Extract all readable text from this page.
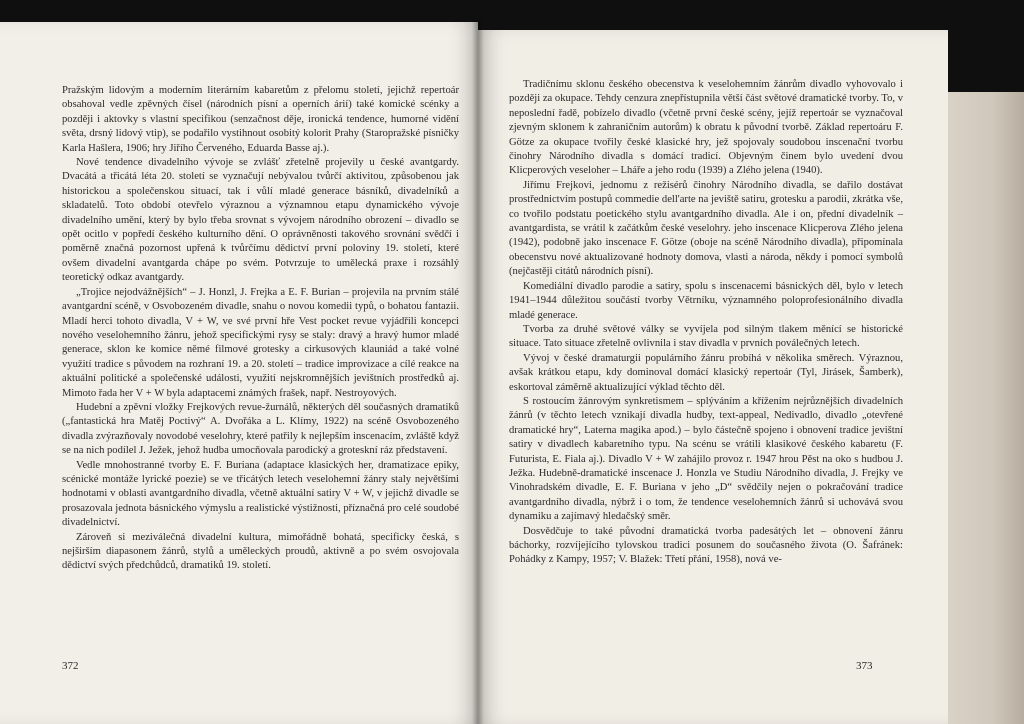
Pražským lidovým a moderním literárním kabaretům z přelomu století, jejichž repertoár obsahoval vedle zpěvných čísel (národních písní a operních árií) také komické scénky a později i aktovky s vlastní specifikou (senzačnost děje, ironická tendence, humorné vidění světa, drsný lidový vtip), se podařilo vystihnout osobitý kolorit Prahy (Staropražské písničky Karla Hašlera, 1906; hry Jiřího Červeného, Eduarda Basse aj.).

Nové tendence divadelního vývoje se zvlášť zřetelně projevily u české avantgardy. Dvacátá a třicátá léta 20. století se vyznačují nebývalou tvůrčí aktivitou, způsobenou jak historickou a společenskou situací, tak i vůlí mladé generace básníků, divadelníků a skladatelů. Toto období otevřelo výraznou a významnou etapu dynamického vývoje divadelního umění, který by bylo třeba srovnat s vývojem národního obrození – divadlo se opět ocitlo v popředí českého kulturního dění. O oprávněnosti takového srovnání svědčí i poměrně značná pozornost upřená k tvůrčímu dědictví první poloviny 19. století, které ovšem divadelní avantgarda chápe po svém. Potvrzuje to umělecká praxe i rozsáhlý teoretický odkaz avantgardy.

„Trojice nejodvážnějších“ – J. Honzl, J. Frejka a E. F. Burian – projevila na prvním stálé avantgardní scéně, v Osvobozeném divadle, snahu o novou komedii typů, o bohatou fantazii. Mladí herci tohoto divadla, V + W, ve své první hře Vest pocket revue vyjádřili koncepci nového veselohemního žánru, jehož specifickými rysy se staly: dravý a hravý humor mladé generace, sklon ke komice němé filmové grotesky a cirkusových klauniád a také volné využití tradice s původem na rozhraní 19. a 20. století – tradice improvizace a cílé reakce na aktuální politické a společenské události, využití nejskromnějších jevištních prostředků aj. Mimoto řada her V + W byla adaptacemi známých frašek, např. Nestroyových.

Hudební a zpěvní vložky Frejkových revue-žurnálů, některých děl současných dramatiků („fantastická hra Matěj Poctivý“ A. Dvořáka a L. Klímy, 1922) na scéně Osvobozeného divadla zvýrazňovaly novodobé veselohry, které patřily k nejlepším inscenacím, zvláště když se na nich podílel J. Ježek, jehož hudba umocňovala parodický a groteskní ráz představení.

Vedle mnohostranné tvorby E. F. Buriana (adaptace klasických her, dramatizace epiky, scénické montáže lyrické poezie) se ve třicátých letech veselohemní žánry staly největšími hodnotami v oblasti avantgardního divadla, včetně aktuální satiry V + W, v jejichž divadle se prosazovala jednota básnického výmyslu a realistické výstižnosti, příznačná pro celé soudobé divadelnictví.

Zároveň si meziválečná divadelní kultura, mimořádně bohatá, specificky česká, s nejširším diapasonem žánrů, stylů a uměleckých proudů, aktivně a po svém osvojovala dědictví svých předchůdců, dramatiků 19. století.

372

Tradičnímu sklonu českého obecenstva k veselohemním žánrům divadlo vyhovovalo i později za okupace. Tehdy cenzura znepřístupnila větší část světové dramatické tvorby. To, v neposlední řadě, pobízelo divadlo (včetně první české scény, jejíž repertoár se vyznačoval zjevným sklonem k zahraničním autorům) k obratu k původní tvorbě. Základ repertoáru F. Götze za okupace tvořily české klasické hry, jež spojovaly soudobou inscenační tvorbu činohry Národního divadla s domácí tradicí. Objevným činem bylo uvedení dvou Klicperových veseloher – Lháře a jeho rodu (1939) a Zlého jelena (1940).

Jiřímu Frejkovi, jednomu z režisérů činohry Národního divadla, se dařilo dostávat prostřednictvím postupů commedie dell'arte na jeviště satiru, grotesku a parodii, zkrátka vše, co tvořilo podstatu poetického stylu avantgardního divadla. Ale i on, přední divadelník – avantgardista, se vrátil k začátkům české veselohry. jeho inscenace Klicperova Zlého jelena (1942), podobně jako inscenace F. Götze (oboje na scéně Národního divadla), připomínala obecenstvu nové aktualizované hodnoty domova, vlasti a národa, někdy i pomocí symbolů (nejčastěji citátů národních písní).

Komediální divadlo parodie a satiry, spolu s inscenacemi básnických děl, bylo v letech 1941–1944 důležitou součástí tvorby Větrníku, významného poloprofesionálního divadla mladé generace.

Tvorba za druhé světové války se vyvíjela pod silným tlakem měnící se historické situace. Tato situace zřetelně ovlivnila i stav divadla v prvních poválečných letech.

Vývoj v české dramaturgii populárního žánru probíhá v několika směrech. Výraznou, avšak krátkou etapu, kdy dominoval domácí klasický repertoár (Tyl, Jirásek, Šamberk), eskortoval záměrně aktualizující výklad těchto děl.

S rostoucím žánrovým synkretismem – splýváním a křížením nejrůznějších divadelních žánrů (v těchto letech vznikají divadla hudby, text-appeal, Nedivadlo, divadlo „otevřené dramatické hry“, Laterna magika apod.) – bylo částečně spojeno i obnovení tradice jevištní satiry v divadlech kabaretního typu. Na scénu se vrátili klasikové českého kabaretu (F. Futurista, E. Fiala aj.). Divadlo V + W zahájilo provoz r. 1947 hrou Pěst na oko s hudbou J. Ježka. Hudebně-dramatické inscenace J. Honzla ve Studiu Národního divadla, J. Frejky ve Vinohradském divadle, E. F. Buriana v jeho „D“ svědčily nejen o pokračování tradice avantgardního divadla, nýbrž i o tom, že tendence veselohemních žánrů si uchovává svou dynamiku a zajímavý hledačský směr.

Dosvědčuje to také původní dramatická tvorba padesátých let – obnovení žánru báchorky, rozvíjejícího tylovskou tradici posunem do současného života (O. Šafránek: Pohádky z Kampy, 1957; V. Blažek: Třetí přání, 1958), nová ve-

373
